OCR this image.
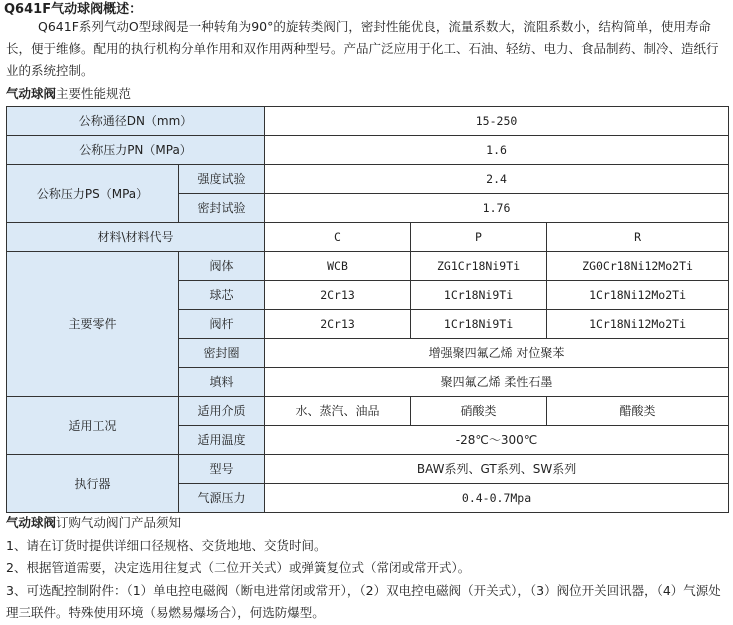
Q641F气动球阀概述：
Q641F系列气动O型球阀是一种转角为90°的旋转类阀门，密封性能优良，流量系数大，流阻系数小，结构简单，使用寿命长，便于维修。配用的执行机构分单作用和双作用两种型号。产品广泛应用于化工、石油、轻纺、电力、食品制药、制冷、造纸行业的系统控制。
气动球阀主要性能规范
公称通径DN（mm）		15-250		
公称压力PN（MPa）		1.6		
公称压力PS（MPa）	强度试验	2.4		
	密封试验	1.76		
材料\材料代号		C	P	R
主要零件	阀体	WCB	ZG1Cr18Ni9Ti	ZG0Cr18Ni12Mo2Ti
	球芯	2Cr13	1Cr18Ni9Ti	1Cr18Ni12Mo2Ti
	阀杆	2Cr13	1Cr18Ni9Ti	1Cr18Ni12Mo2Ti
	密封圈	增强聚四氟乙烯 对位聚苯		
	填料	聚四氟乙烯 柔性石墨		
适用工况	适用介质	水、蒸汽、油品	硝酸类	醋酸类
	适用温度	-28℃～300℃		
执行器	型号	BAW系列、GT系列、SW系列		
	气源压力	0.4-0.7Mpa		

气动球阀订购气动阀门产品须知

1、请在订货时提供详细口径规格、交货地地、交货时间。

2、根据管道需要，决定选用往复式（二位开关式）或弹簧复位式（常闭或常开式）。

3、可选配控制附件：（1）单电控电磁阀（断电进常闭或常开），（2）双电控电磁阀（开关式），（3）阀位开关回讯器，（4）气源处理三联件。特殊使用环境（易燃易爆场合），何选防爆型。
